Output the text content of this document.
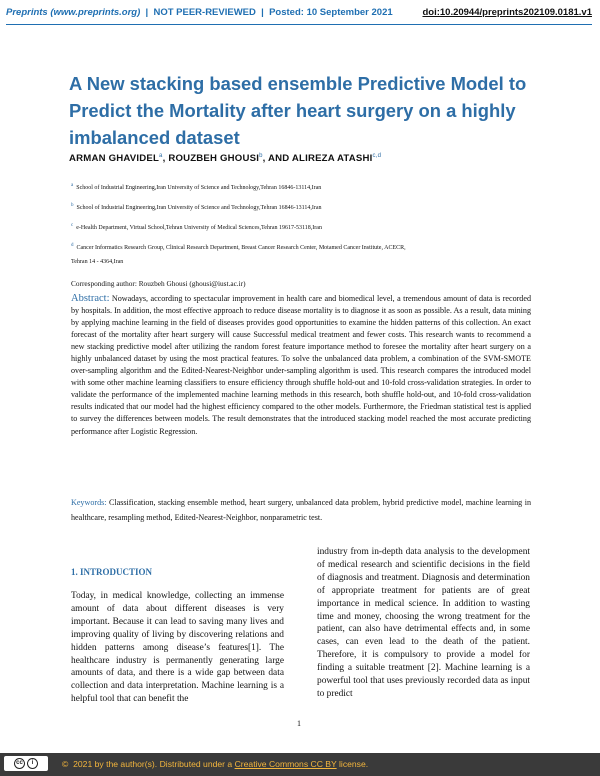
Preprints (www.preprints.org)  |  NOT PEER-REVIEWED  |  Posted: 10 September 2021	doi:10.20944/preprints202109.0181.v1
A New stacking based ensemble Predictive Model to Predict the Mortality after heart surgery on a highly imbalanced dataset
ARMAN GHAVIDEL$^a$, ROUZBEH GHOUSI$^b$, AND ALIREZA ATASHI$^{c,d}$
$^a$ School of Industrial Engineering,Iran University of Science and Technology,Tehran 16846-13114,Iran
$^b$ School of Industrial Engineering,Iran University of Science and Technology,Tehran 16846-13114,Iran
$^c$ e-Health Department, Virtual School,Tehran University of Medical Sciences,Tehran 19617-53118,Iran
$^d$ Cancer Informatics Research Group, Clinical Research Department, Breast Cancer Research Center, Motamed Cancer Institute, ACECR,
Tehran 14 - 4364,Iran
Corresponding author: Rouzbeh Ghousi (ghousi@iust.ac.ir)
Abstract: Nowadays, according to spectacular improvement in health care and biomedical level, a tremendous amount of data is recorded by hospitals. In addition, the most effective approach to reduce disease mortality is to diagnose it as soon as possible. As a result, data mining by applying machine learning in the field of diseases provides good opportunities to examine the hidden patterns of this collection. An exact forecast of the mortality after heart surgery will cause Successful medical treatment and fewer costs. This research wants to recommend a new stacking predictive model after utilizing the random forest feature importance method to foresee the mortality after heart surgery on a highly unbalanced dataset by using the most practical features. To solve the unbalanced data problem, a combination of the SVM-SMOTE over-sampling algorithm and the Edited-Nearest-Neighbor under-sampling algorithm is used. This research compares the introduced model with some other machine learning classifiers to ensure efficiency through shuffle hold-out and 10-fold cross-validation strategies. In order to validate the performance of the implemented machine learning methods in this research, both shuffle hold-out, and 10-fold cross-validation results indicated that our model had the highest efficiency compared to the other models. Furthermore, the Friedman statistical test is applied to survey the differences between models. The result demonstrates that the introduced stacking model reached the most accurate predicting performance after Logistic Regression.
Keywords: Classification, stacking ensemble method, heart surgery, unbalanced data problem, hybrid predictive model, machine learning in healthcare, resampling method, Edited-Nearest-Neighbor, nonparametric test.
1. INTRODUCTION
Today, in medical knowledge, collecting an immense amount of data about different diseases is very important. Because it can lead to saving many lives and improving quality of living by discovering relations and hidden patterns among disease’s features[1]. The healthcare industry is permanently generating large amounts of data, and there is a wide gap between data collection and data interpretation. Machine learning is a helpful tool that can benefit the
industry from in-depth data analysis to the development of medical research and scientific decisions in the field of diagnosis and treatment. Diagnosis and determination of appropriate treatment for patients are of great importance in medical science. In addition to wasting time and money, choosing the wrong treatment for the patient, can also have detrimental effects and, in some cases, can even lead to the death of the patient. Therefore, it is compulsory to provide a model for finding a suitable treatment [2]. Machine learning is a powerful tool that uses previously recorded data as input to predict
1
cc	i	©  2021 by the author(s). Distributed under a Creative Commons CC BY license.
